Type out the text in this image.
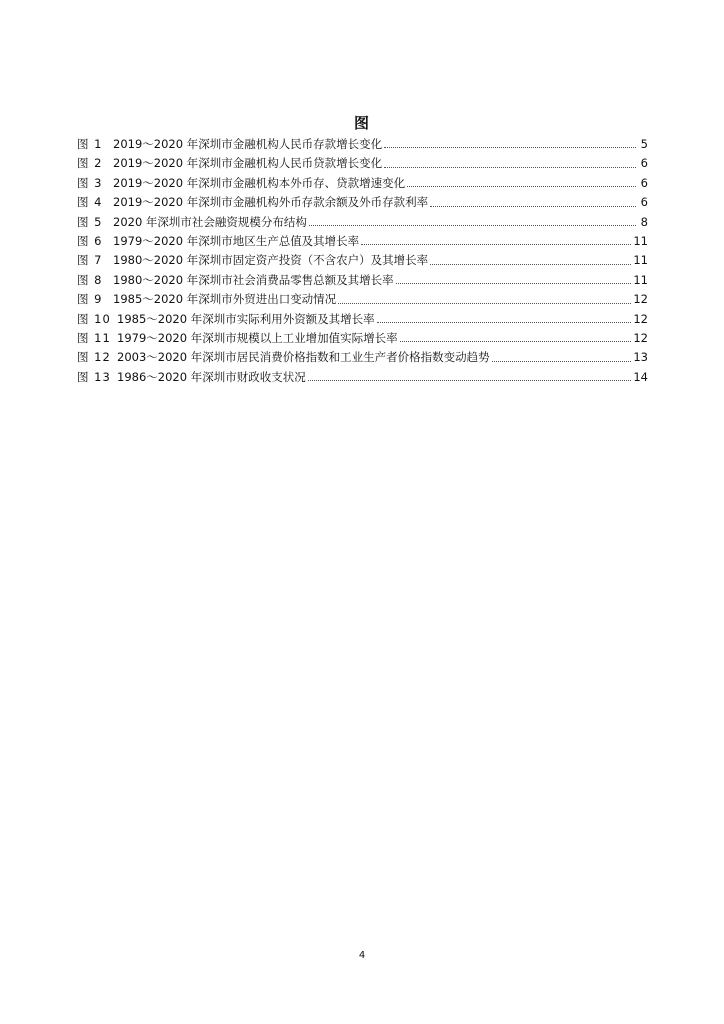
图
图 1 2019～2020 年深圳市金融机构人民币存款增长变化	5
图 2 2019～2020 年深圳市金融机构人民币贷款增长变化	6
图 3 2019～2020 年深圳市金融机构本外币存、贷款增速变化	6
图 4 2019～2020 年深圳市金融机构外币存款余额及外币存款利率	6
图 5 2020 年深圳市社会融资规模分布结构	8
图 6 1979～2020 年深圳市地区生产总值及其增长率	11
图 7 1980～2020 年深圳市固定资产投资（不含农户）及其增长率	11
图 8 1980～2020 年深圳市社会消费品零售总额及其增长率	11
图 9 1985～2020 年深圳市外贸进出口变动情况	12
图 10 1985～2020 年深圳市实际利用外资额及其增长率	12
图 11 1979～2020 年深圳市规模以上工业增加值实际增长率	12
图 12 2003～2020 年深圳市居民消费价格指数和工业生产者价格指数变动趋势	13
图 13 1986～2020 年深圳市财政收支状况	14
4
